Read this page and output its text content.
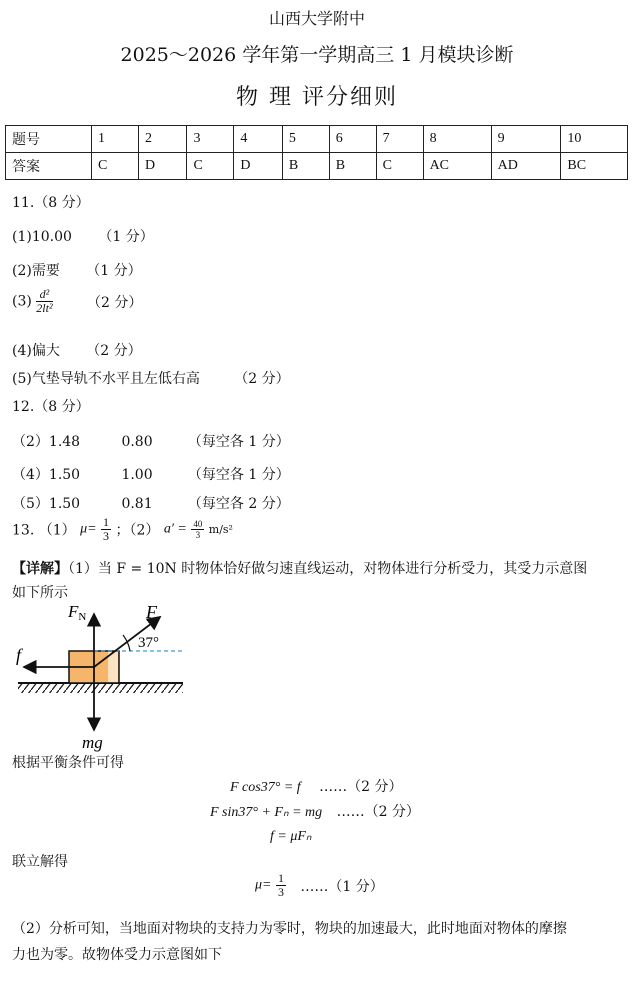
山西大学附中
2025～2026 学年第一学期高三 1 月模块诊断
物 理 评分细则
题号	1	2	3	4	5	6	7	8	9	10
答案	C	D	C	D	B	B	C	AC	AD	BC
11.（8 分）
(1)10.00 （1 分）
(2)需要 （1 分）
$(3) \frac{\text{d²}}{\text{2lt²}} (2$ 分）
(4)偏大 （2 分）
(5)气垫导轨不水平且左低右高 （2 分）
12.（8 分）
（2）1.48	0.80	（每空各 1 分）
（4）1.50	1.00	（每空各 1 分）
（5）1.50	0.81	（每空各 2 分）
13. （1） $\mu= \frac{1}{3}$ ；（2） $a' = \frac{40}{3} m/s^2$
【详解】（1）当 F = 10N 时物体恰好做匀速直线运动，对物体进行分析受力，其受力示意图
如下所示
FN	F
37°
f
mg
根据平衡条件可得
F cos37° = f ……（2 分）
F sin37° + Fₙ = mg ……（2 分）
f = μFₙ
联立解得
$\mu= \frac{1}{3}$ ……（1 分）
（2）分析可知，当地面对物块的支持力为零时，物块的加速最大，此时地面对物体的摩擦
力也为零。故物体受力示意图如下
